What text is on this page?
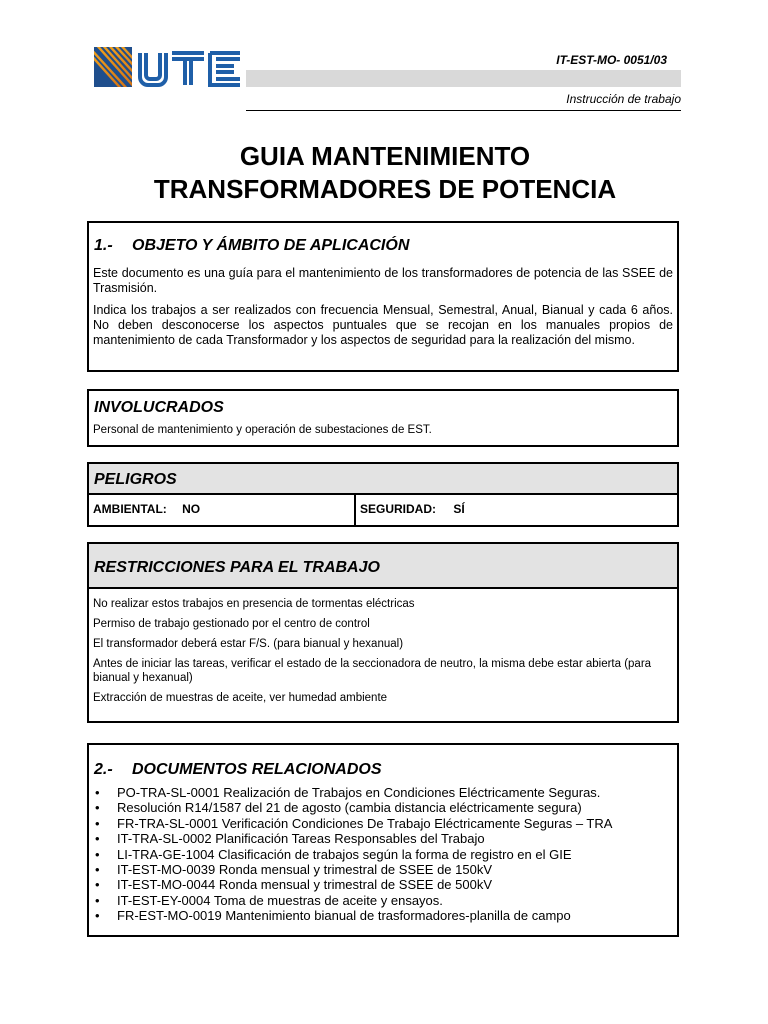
IT-EST-MO- 0051/03
Instrucción de trabajo
GUIA MANTENIMIENTO
TRANSFORMADORES DE POTENCIA
1.- OBJETO Y ÁMBITO DE APLICACIÓN

Este documento es una guía para el mantenimiento de los transformadores de potencia de las SSEE de Trasmisión.

Indica los trabajos a ser realizados con frecuencia Mensual, Semestral, Anual, Bianual y cada 6 años. No deben desconocerse los aspectos puntuales que se recojan en los manuales propios de mantenimiento de cada Transformador y los aspectos de seguridad para la realización del mismo.

INVOLUCRADOS
Personal de mantenimiento y operación de subestaciones de EST.
PELIGROS
AMBIENTAL: NO	SEGURIDAD: SÍ
RESTRICCIONES PARA EL TRABAJO
No realizar estos trabajos en presencia de tormentas eléctricas
Permiso de trabajo gestionado por el centro de control
El transformador deberá estar F/S. (para bianual y hexanual)
Antes de iniciar las tareas, verificar el estado de la seccionadora de neutro, la misma debe estar abierta (para bianual y hexanual)
Extracción de muestras de aceite, ver humedad ambiente
2.- DOCUMENTOS RELACIONADOS
• PO-TRA-SL-0001 Realización de Trabajos en Condiciones Eléctricamente Seguras.
• Resolución R14/1587 del 21 de agosto (cambia distancia eléctricamente segura)
• FR-TRA-SL-0001 Verificación Condiciones De Trabajo Eléctricamente Seguras – TRA
• IT-TRA-SL-0002 Planificación Tareas Responsables del Trabajo
• LI-TRA-GE-1004 Clasificación de trabajos según la forma de registro en el GIE
• IT-EST-MO-0039 Ronda mensual y trimestral de SSEE de 150kV
• IT-EST-MO-0044 Ronda mensual y trimestral de SSEE de 500kV
• IT-EST-EY-0004 Toma de muestras de aceite y ensayos.
• FR-EST-MO-0019 Mantenimiento bianual de trasformadores-planilla de campo
